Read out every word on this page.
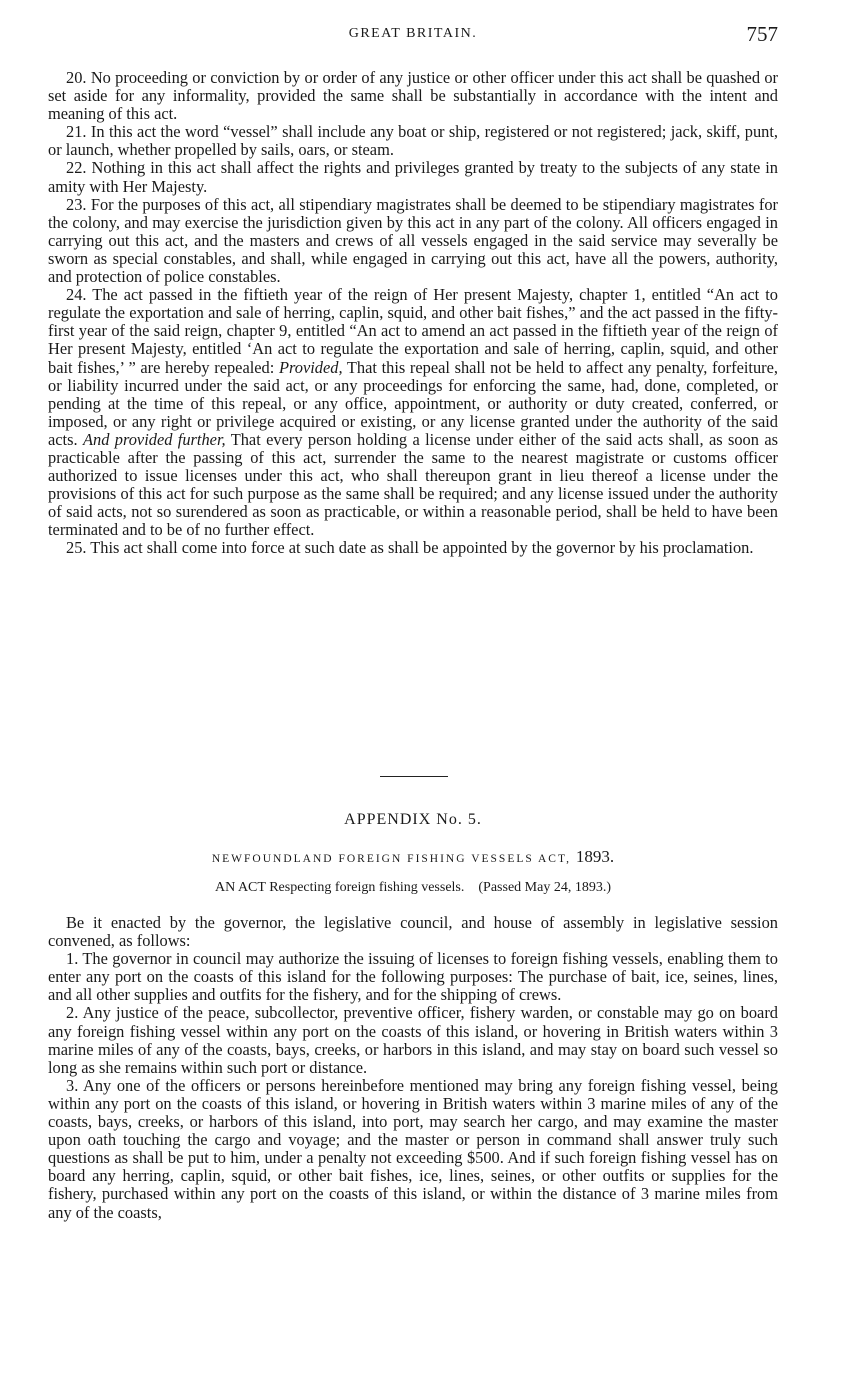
GREAT BRITAIN.	757

20. No proceeding or conviction by or order of any justice or other officer under this act shall be quashed or set aside for any informality, provided the same shall be substantially in accordance with the intent and meaning of this act.

21. In this act the word “vessel” shall include any boat or ship, registered or not registered; jack, skiff, punt, or launch, whether propelled by sails, oars, or steam.

22. Nothing in this act shall affect the rights and privileges granted by treaty to the subjects of any state in amity with Her Majesty.

23. For the purposes of this act, all stipendiary magistrates shall be deemed to be stipendiary magistrates for the colony, and may exercise the jurisdiction given by this act in any part of the colony. All officers engaged in carrying out this act, and the masters and crews of all vessels engaged in the said service may severally be sworn as special constables, and shall, while engaged in carrying out this act, have all the powers, authority, and protection of police constables.

24. The act passed in the fiftieth year of the reign of Her present Majesty, chapter 1, entitled “An act to regulate the exportation and sale of herring, caplin, squid, and other bait fishes,” and the act passed in the fifty-first year of the said reign, chapter 9, entitled “An act to amend an act passed in the fiftieth year of the reign of Her present Majesty, entitled ‘An act to regulate the exportation and sale of herring, caplin, squid, and other bait fishes,’ ” are hereby repealed: Provided, That this repeal shall not be held to affect any penalty, forfeiture, or liability incurred under the said act, or any proceedings for enforcing the same, had, done, completed, or pending at the time of this repeal, or any office, appointment, or authority or duty created, conferred, or imposed, or any right or privilege acquired or existing, or any license granted under the authority of the said acts. And provided further, That every person holding a license under either of the said acts shall, as soon as practicable after the passing of this act, surrender the same to the nearest magistrate or customs officer authorized to issue licenses under this act, who shall thereupon grant in lieu thereof a license under the provisions of this act for such purpose as the same shall be required; and any license issued under the authority of said acts, not so surendered as soon as practicable, or within a reasonable period, shall be held to have been terminated and to be of no further effect.

25. This act shall come into force at such date as shall be appointed by the governor by his proclamation.

APPENDIX No. 5.
NEWFOUNDLAND FOREIGN FISHING VESSELS ACT, 1893.
AN ACT Respecting foreign fishing vessels. (Passed May 24, 1893.)

Be it enacted by the governor, the legislative council, and house of assembly in legislative session convened, as follows:

1. The governor in council may authorize the issuing of licenses to foreign fishing vessels, enabling them to enter any port on the coasts of this island for the following purposes: The purchase of bait, ice, seines, lines, and all other supplies and outfits for the fishery, and for the shipping of crews.

2. Any justice of the peace, subcollector, preventive officer, fishery warden, or constable may go on board any foreign fishing vessel within any port on the coasts of this island, or hovering in British waters within 3 marine miles of any of the coasts, bays, creeks, or harbors in this island, and may stay on board such vessel so long as she remains within such port or distance.

3. Any one of the officers or persons hereinbefore mentioned may bring any foreign fishing vessel, being within any port on the coasts of this island, or hovering in British waters within 3 marine miles of any of the coasts, bays, creeks, or harbors of this island, into port, may search her cargo, and may examine the master upon oath touching the cargo and voyage; and the master or person in command shall answer truly such questions as shall be put to him, under a penalty not exceeding $500. And if such foreign fishing vessel has on board any herring, caplin, squid, or other bait fishes, ice, lines, seines, or other outfits or supplies for the fishery, purchased within any port on the coasts of this island, or within the distance of 3 marine miles from any of the coasts,
